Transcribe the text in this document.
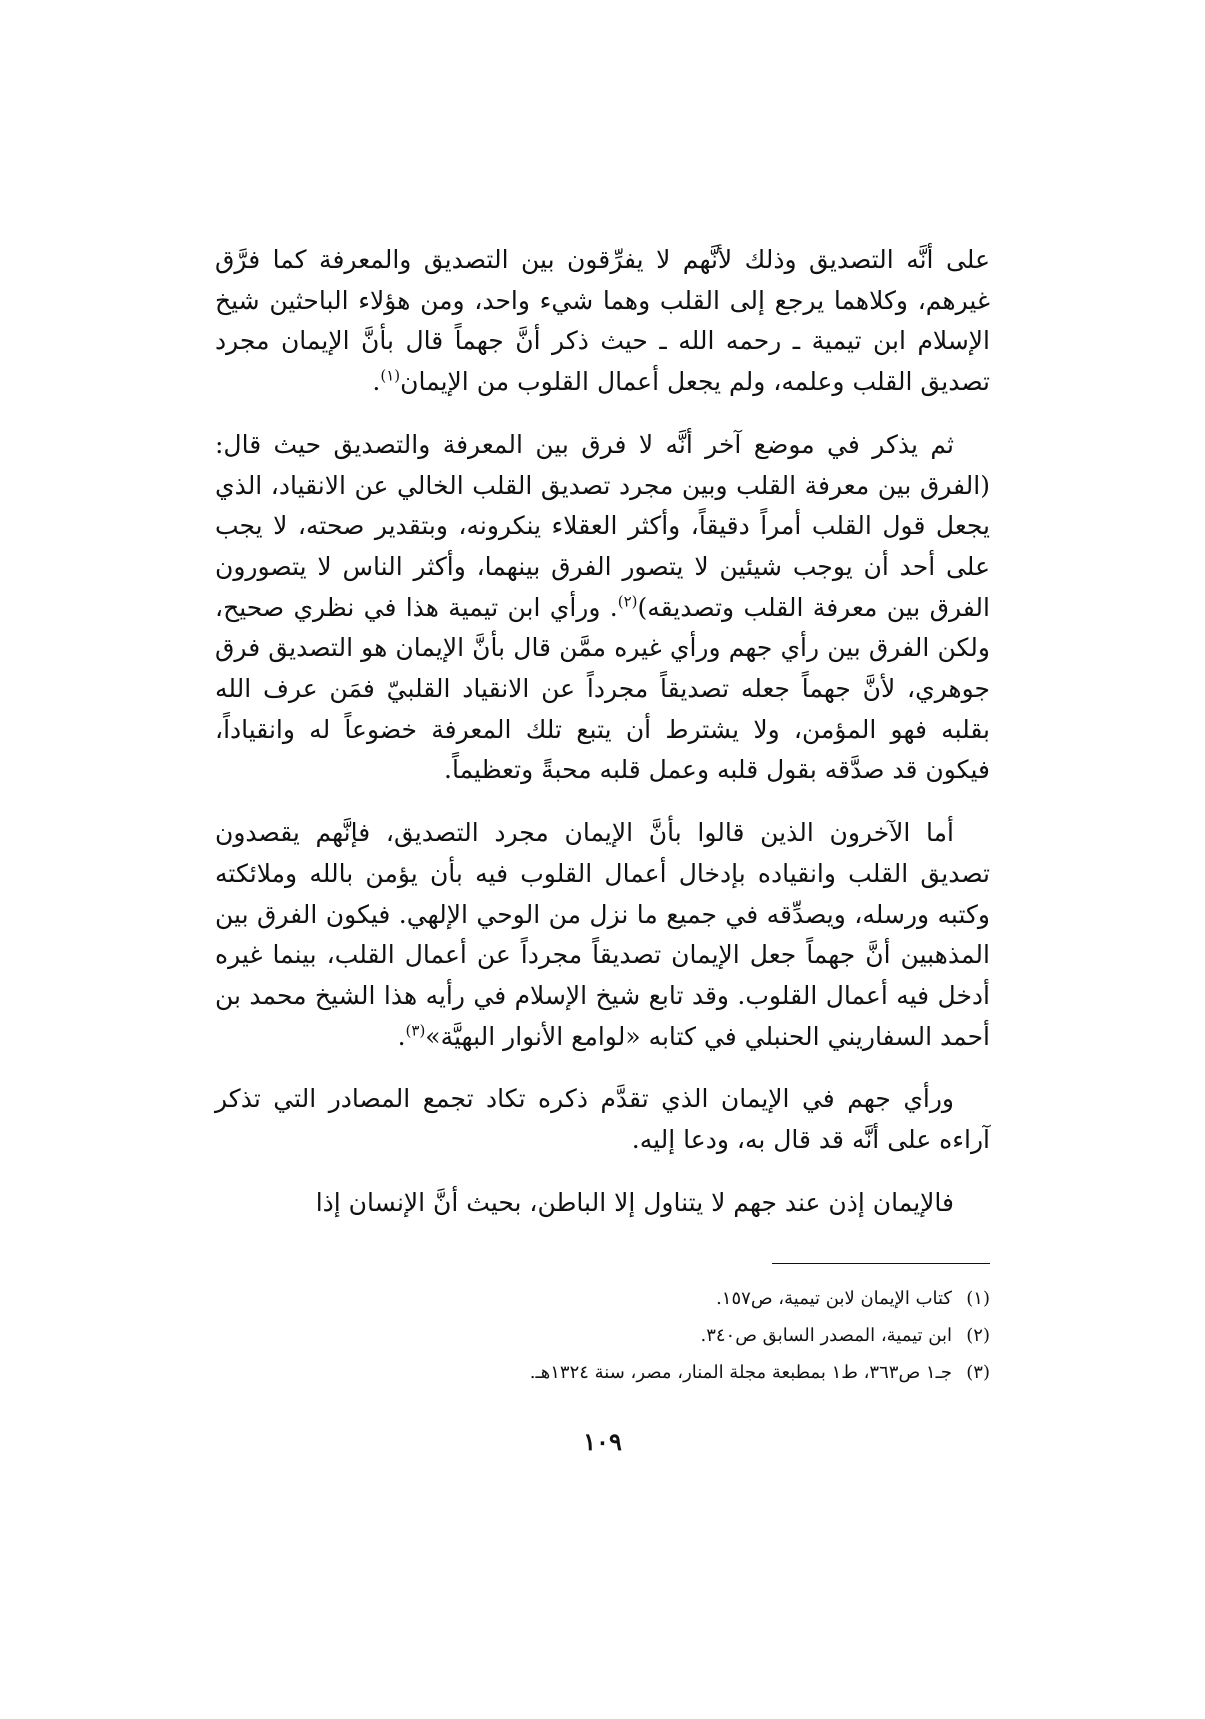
على أنَّه التصديق وذلك لأنَّهم لا يفرِّقون بين التصديق والمعرفة كما فرَّق غيرهم، وكلاهما يرجع إلى القلب وهما شيء واحد، ومن هؤلاء الباحثين شيخ الإسلام ابن تيمية ـ رحمه الله ـ حيث ذكر أنَّ جهماً قال بأنَّ الإيمان مجرد تصديق القلب وعلمه، ولم يجعل أعمال القلوب من الإيمان$^{(١)}$.

ثم يذكر في موضع آخر أنَّه لا فرق بين المعرفة والتصديق حيث قال: (الفرق بين معرفة القلب وبين مجرد تصديق القلب الخالي عن الانقياد، الذي يجعل قول القلب أمراً دقيقاً، وأكثر العقلاء ينكرونه، وبتقدير صحته، لا يجب على أحد أن يوجب شيئين لا يتصور الفرق بينهما، وأكثر الناس لا يتصورون الفرق بين معرفة القلب وتصديقه)$^{(٢)}$. ورأي ابن تيمية هذا في نظري صحيح، ولكن الفرق بين رأي جهم ورأي غيره ممَّن قال بأنَّ الإيمان هو التصديق فرق جوهري، لأنَّ جهماً جعله تصديقاً مجرداً عن الانقياد القلبيّ فمَن عرف الله بقلبه فهو المؤمن، ولا يشترط أن يتبع تلك المعرفة خضوعاً له وانقياداً، فيكون قد صدَّقه بقول قلبه وعمل قلبه محبةً وتعظيماً.

أما الآخرون الذين قالوا بأنَّ الإيمان مجرد التصديق، فإنَّهم يقصدون تصديق القلب وانقياده بإدخال أعمال القلوب فيه بأن يؤمن بالله وملائكته وكتبه ورسله، ويصدِّقه في جميع ما نزل من الوحي الإلهي. فيكون الفرق بين المذهبين أنَّ جهماً جعل الإيمان تصديقاً مجرداً عن أعمال القلب، بينما غيره أدخل فيه أعمال القلوب. وقد تابع شيخ الإسلام في رأيه هذا الشيخ محمد بن أحمد السفاريني الحنبلي في كتابه «لوامع الأنوار البهيَّة»$^{(٣)}$.

ورأي جهم في الإيمان الذي تقدَّم ذكره تكاد تجمع المصادر التي تذكر آراءه على أنَّه قد قال به، ودعا إليه.

فالإيمان إذن عند جهم لا يتناول إلا الباطن، بحيث أنَّ الإنسان إذا

(١)كتاب الإيمان لابن تيمية، ص١٥٧.

(٢)ابن تيمية، المصدر السابق ص٣٤٠.

(٣)جـ١ ص٣٦٣، ط١ بمطبعة مجلة المنار، مصر، سنة ١٣٢٤هـ.

١٠٩
